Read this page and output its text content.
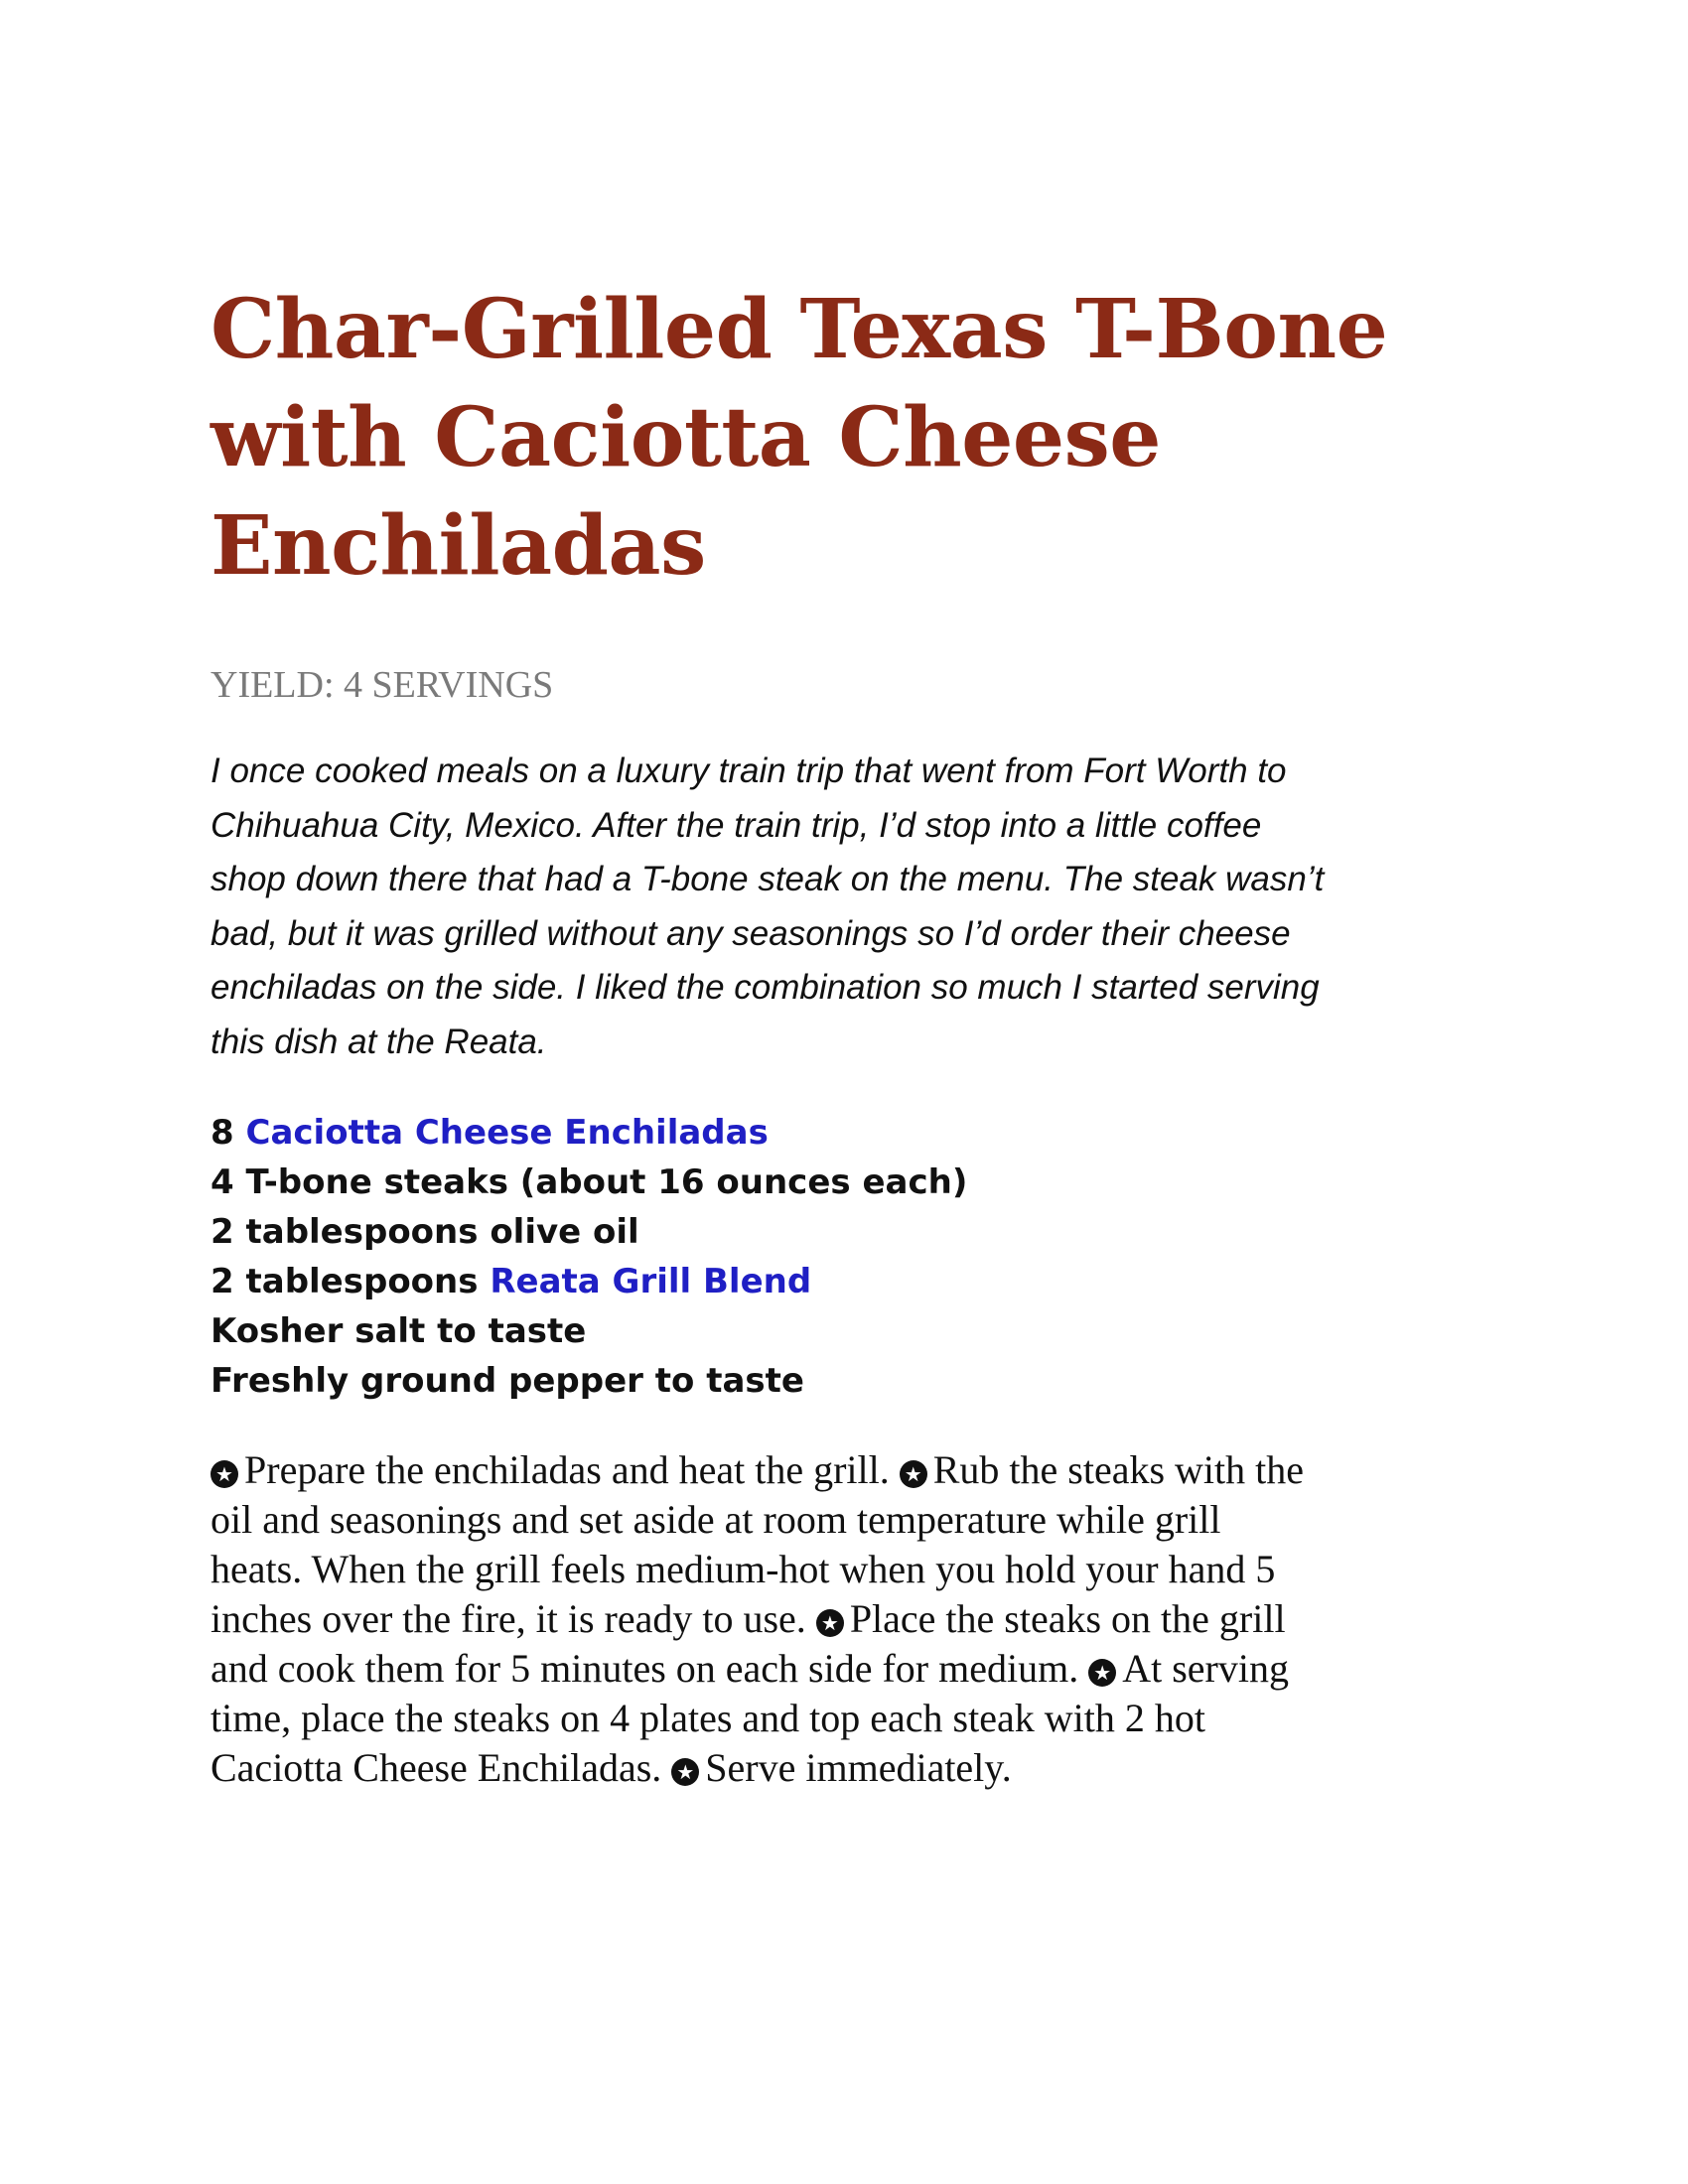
Char-Grilled Texas T-Bone
with Caciotta Cheese
Enchiladas
YIELD: 4 SERVINGS
I once cooked meals on a luxury train trip that went from Fort Worth to
Chihuahua City, Mexico. After the train trip, I’d stop into a little coffee
shop down there that had a T-bone steak on the menu. The steak wasn’t
bad, but it was grilled without any seasonings so I’d order their cheese
enchiladas on the side. I liked the combination so much I started serving
this dish at the Reata.
8 Caciotta Cheese Enchiladas
4 T-bone steaks (about 16 ounces each)
2 tablespoons olive oil
2 tablespoons Reata Grill Blend
Kosher salt to taste
Freshly ground pepper to taste
★Prepare the enchiladas and heat the grill. ★Rub the steaks with the
oil and seasonings and set aside at room temperature while grill
heats. When the grill feels medium-hot when you hold your hand 5
inches over the fire, it is ready to use. ★Place the steaks on the grill
and cook them for 5 minutes on each side for medium. ★At serving
time, place the steaks on 4 plates and top each steak with 2 hot
Caciotta Cheese Enchiladas. ★Serve immediately.
